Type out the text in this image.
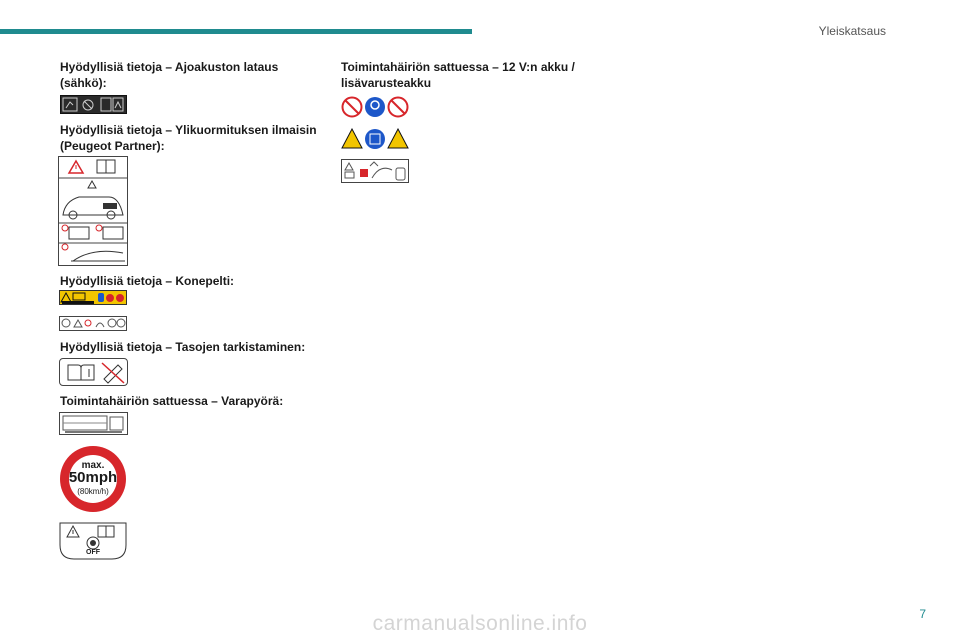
Yleiskatsaus
Hyödyllisiä tietoja – Ajoakuston lataus
(sähkö):
Hyödyllisiä tietoja – Ylikuormituksen ilmaisin
(Peugeot Partner):
Hyödyllisiä tietoja – Konepelti:
Hyödyllisiä tietoja – Tasojen tarkistaminen:
Toimintahäiriön sattuessa – Varapyörä:
max.
50mph
(80km/h)
OFF
Toimintahäiriön sattuessa – 12 V:n akku /
lisävarusteakku
7
carmanualsonline.info
